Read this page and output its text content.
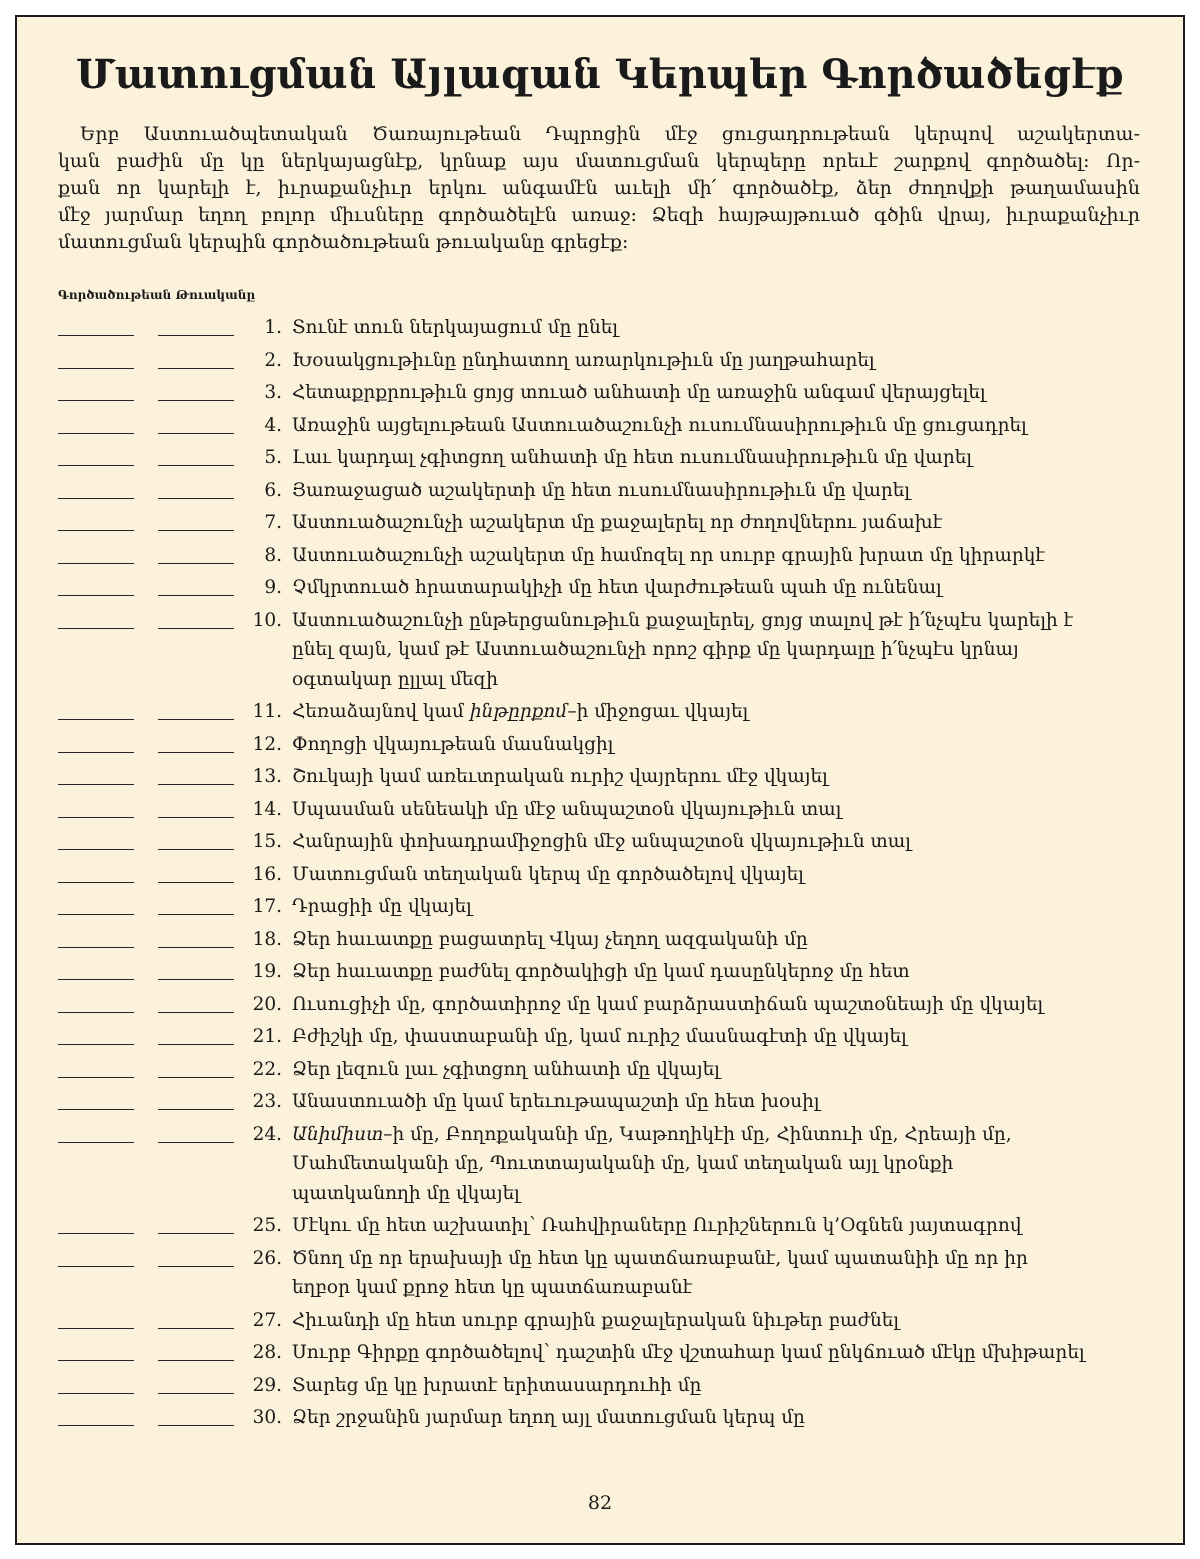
Մատուցման Այլազան Կերպեր Գործածեցէք
Երբ Աստուածպետական Ծառայութեան Դպրոցին մէջ ցուցադրութեան կերպով աշակերտա-
կան բաժին մը կը ներկայացնէք, կրնաք այս մատուցման կերպերը որեւէ շարքով գործածել։ Որ-
քան որ կարելի է, իւրաքանչիւր երկու անգամէն աւելի մի՛ գործածէք, ձեր ժողովքի թաղամասին
մէջ յարմար եղող բոլոր միւսները գործածելէն առաջ։ Ձեզի հայթայթուած գծին վրայ, իւրաքանչիւր
մատուցման կերպին գործածութեան թուականը գրեցէք։
Գործածութեան Թուականը
1. Տունէ տուն ներկայացում մը ընել
2. Խօսակցութիւնը ընդհատող առարկութիւն մը յաղթահարել
3. Հետաքրքրութիւն ցոյց տուած անհատի մը առաջին անգամ վերայցելել
4. Առաջին այցելութեան Աստուածաշունչի ուսումնասիրութիւն մը ցուցադրել
5. Լաւ կարդալ չգիտցող անհատի մը հետ ուսումնասիրութիւն մը վարել
6. Յառաջացած աշակերտի մը հետ ուսումնասիրութիւն մը վարել
7. Աստուածաշունչի աշակերտ մը քաջալերել որ ժողովներու յաճախէ
8. Աստուածաշունչի աշակերտ մը համոզել որ սուրբ գրային խրատ մը կիրարկէ
9. Չմկրտուած հրատարակիչի մը հետ վարժութեան պահ մը ունենալ
10. Աստուածաշունչի ընթերցանութիւն քաջալերել, ցոյց տալով թէ ի՛նչպէս կարելի է
ընել զայն, կամ թէ Աստուածաշունչի որոշ գիրք մը կարդալը ի՛նչպէս կրնայ
օգտակար ըլլալ մեզի
11. Հեռաձայնով կամ ինթըրքոմ–ի միջոցաւ վկայել
12. Փողոցի վկայութեան մասնակցիլ
13. Շուկայի կամ առեւտրական ուրիշ վայրերու մէջ վկայել
14. Սպասման սենեակի մը մէջ անպաշտօն վկայութիւն տալ
15. Հանրային փոխադրամիջոցին մէջ անպաշտօն վկայութիւն տալ
16. Մատուցման տեղական կերպ մը գործածելով վկայել
17. Դրացիի մը վկայել
18. Ձեր հաւատքը բացատրել Վկայ չեղող ազգականի մը
19. Ձեր հաւատքը բաժնել գործակիցի մը կամ դասընկերոջ մը հետ
20. Ուսուցիչի մը, գործատիրոջ մը կամ բարձրաստիճան պաշտօնեայի մը վկայել
21. Բժիշկի մը, փաստաբանի մը, կամ ուրիշ մասնագէտի մը վկայել
22. Ձեր լեզուն լաւ չգիտցող անհատի մը վկայել
23. Անաստուածի մը կամ երեւութապաշտի մը հետ խօսիլ
24. Անիմիստ–ի մը, Բողոքականի մը, Կաթողիկէի մը, Հինտուի մը, Հրեայի մը,
Մահմետականի մը, Պուտտայականի մը, կամ տեղական այլ կրօնքի
պատկանողի մը վկայել
25. Մէկու մը հետ աշխատիլ՝ Ռահվիրաները Ուրիշներուն կ’Օգնեն յայտագրով
26. Ծնող մը որ երախայի մը հետ կը պատճառաբանէ, կամ պատանիի մը որ իր
եղբօր կամ քրոջ հետ կը պատճառաբանէ
27. Հիւանդի մը հետ սուրբ գրային քաջալերական նիւթեր բաժնել
28. Սուրբ Գիրքը գործածելով՝ դաշտին մէջ վշտահար կամ ընկճուած մէկը մխիթարել
29. Տարեց մը կը խրատէ երիտասարդուհի մը
30. Ձեր շրջանին յարմար եղող այլ մատուցման կերպ մը
82
